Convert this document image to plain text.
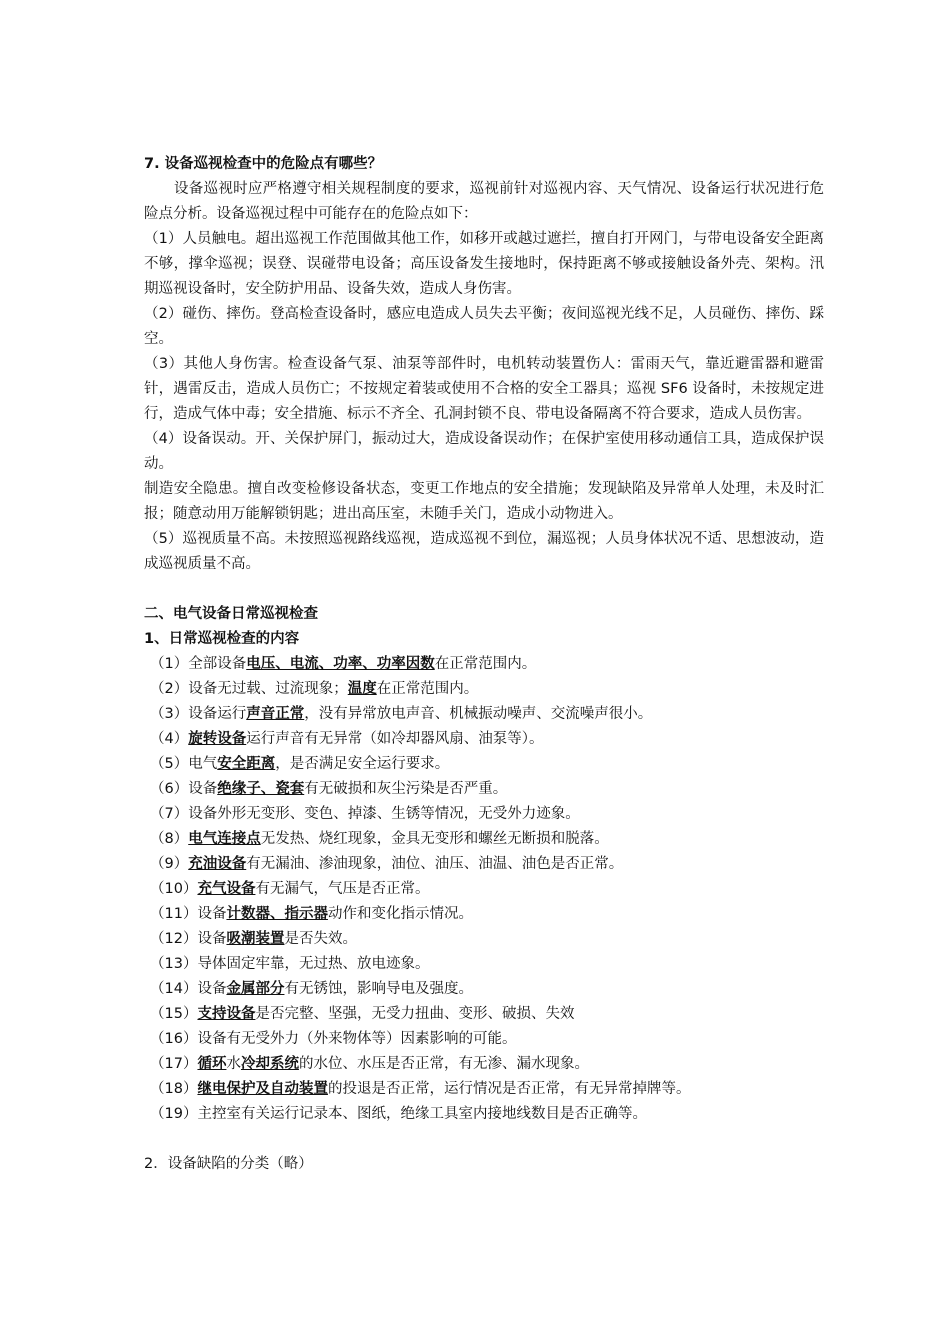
7. 设备巡视检查中的危险点有哪些？
设备巡视时应严格遵守相关规程制度的要求，巡视前针对巡视内容、天气情况、设备运行状况进行危险点分析。设备巡视过程中可能存在的危险点如下：
（1）人员触电。超出巡视工作范围做其他工作，如移开或越过遮拦，擅自打开网门，与带电设备安全距离不够，撑伞巡视；误登、误碰带电设备；高压设备发生接地时，保持距离不够或接触设备外壳、架构。汛期巡视设备时，安全防护用品、设备失效，造成人身伤害。
（2）碰伤、摔伤。登高检查设备时，感应电造成人员失去平衡；夜间巡视光线不足，人员碰伤、摔伤、踩空。
（3）其他人身伤害。检查设备气泵、油泵等部件时，电机转动装置伤人：雷雨天气，靠近避雷器和避雷针，遇雷反击，造成人员伤亡；不按规定着装或使用不合格的安全工器具；巡视 SF6 设备时，未按规定进行，造成气体中毒；安全措施、标示不齐全、孔洞封锁不良、带电设备隔离不符合要求，造成人员伤害。
（4）设备误动。开、关保护屏门，振动过大，造成设备误动作；在保护室使用移动通信工具，造成保护误动。
制造安全隐患。擅自改变检修设备状态，变更工作地点的安全措施；发现缺陷及异常单人处理，未及时汇报；随意动用万能解锁钥匙；进出高压室，未随手关门，造成小动物进入。
（5）巡视质量不高。未按照巡视路线巡视，造成巡视不到位，漏巡视；人员身体状况不适、思想波动，造成巡视质量不高。
二、电气设备日常巡视检查
1、日常巡视检查的内容
（1）全部设备电压、电流、功率、功率因数在正常范围内。
（2）设备无过载、过流现象；温度在正常范围内。
（3）设备运行声音正常，没有异常放电声音、机械振动噪声、交流噪声很小。
（4）旋转设备运行声音有无异常（如冷却器风扇、油泵等）。
（5）电气安全距离，是否满足安全运行要求。
（6）设备绝缘子、瓷套有无破损和灰尘污染是否严重。
（7）设备外形无变形、变色、掉漆、生锈等情况，无受外力迹象。
（8）电气连接点无发热、烧红现象，金具无变形和螺丝无断损和脱落。
（9）充油设备有无漏油、渗油现象，油位、油压、油温、油色是否正常。
（10）充气设备有无漏气，气压是否正常。
（11）设备计数器、指示器动作和变化指示情况。
（12）设备吸潮装置是否失效。
（13）导体固定牢靠，无过热、放电迹象。
（14）设备金属部分有无锈蚀，影响导电及强度。
（15）支持设备是否完整、坚强，无受力扭曲、变形、破损、失效
（16）设备有无受外力（外来物体等）因素影响的可能。
（17）循环水冷却系统的水位、水压是否正常，有无渗、漏水现象。
（18）继电保护及自动装置的投退是否正常，运行情况是否正常，有无异常掉牌等。
（19）主控室有关运行记录本、图纸，绝缘工具室内接地线数目是否正确等。
2．设备缺陷的分类（略）
